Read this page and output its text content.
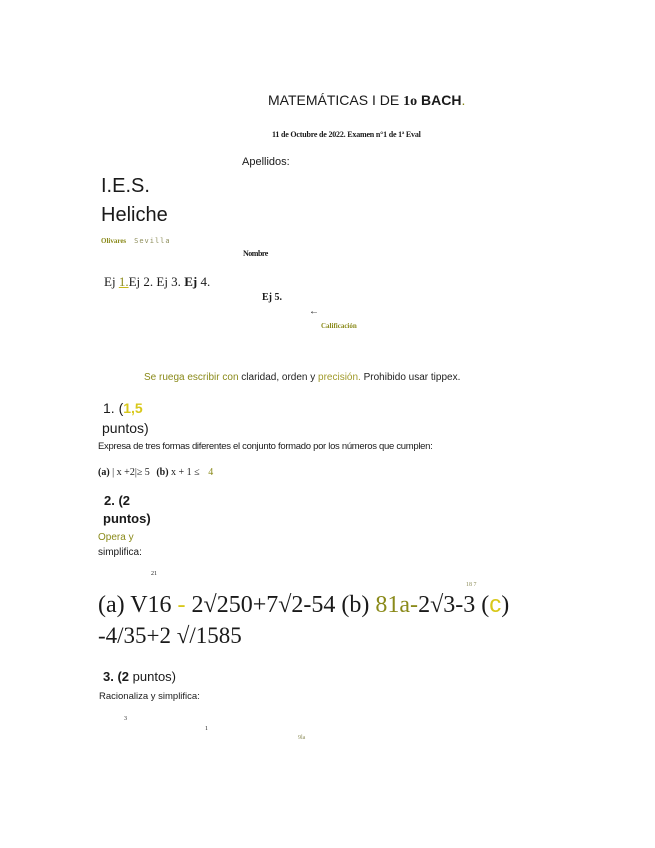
MATEMÁTICAS I DE 1o BACH.
11 de Octubre de 2022. Examen n°1 de 1ª Eval
Apellidos:
I.E.S.
Heliche
Olivares Sevilla
Nombre
Ej 1.Ej 2. Ej 3. Ej 4.
Ej 5.
←
Calificación
Se ruega escribir con claridad, orden y precisión. Prohibido usar tippex.
1. (1,5
puntos)
Expresa de tres formas diferentes el conjunto formado por los números que cumplen:
(a) | x +2|≥ 5 (b) x + 1 ≤ 4
2. (2
puntos)
Opera y
simplifica:
21
18 7
(a) V16 - 2√250+7√2-54 (b) 81a-2√3-3 (c)
-4/35+2 √/1585
3. (2 puntos)
Racionaliza y simplifica:
3
1
9la
